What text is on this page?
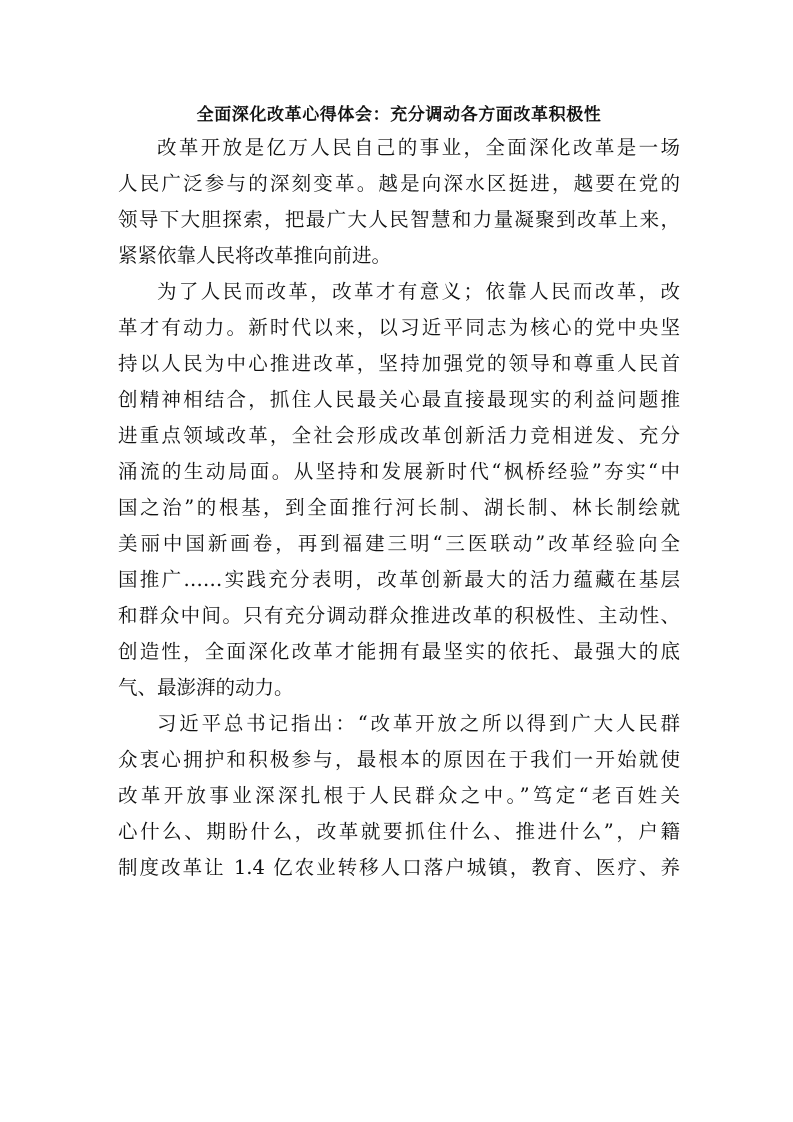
全面深化改革心得体会：充分调动各方面改革积极性

改革开放是亿万人民自己的事业，全面深化改革是一场
人民广泛参与的深刻变革。越是向深水区挺进，越要在党的
领导下大胆探索，把最广大人民智慧和力量凝聚到改革上来，
紧紧依靠人民将改革推向前进。

为了人民而改革，改革才有意义；依靠人民而改革，改
革才有动力。新时代以来，以习近平同志为核心的党中央坚
持以人民为中心推进改革，坚持加强党的领导和尊重人民首
创精神相结合，抓住人民最关心最直接最现实的利益问题推
进重点领域改革，全社会形成改革创新活力竞相迸发、充分
涌流的生动局面。从坚持和发展新时代“枫桥经验”夯实“中
国之治”的根基，到全面推行河长制、湖长制、林长制绘就
美丽中国新画卷，再到福建三明“三医联动”改革经验向全
国推广……实践充分表明，改革创新最大的活力蕴藏在基层
和群众中间。只有充分调动群众推进改革的积极性、主动性、
创造性，全面深化改革才能拥有最坚实的依托、最强大的底
气、最澎湃的动力。

习近平总书记指出：“改革开放之所以得到广大人民群
众衷心拥护和积极参与，最根本的原因在于我们一开始就使
改革开放事业深深扎根于人民群众之中。”笃定“老百姓关
心什么、期盼什么，改革就要抓住什么、推进什么”，户籍
制度改革让 1.4 亿农业转移人口落户城镇，教育、医疗、养
